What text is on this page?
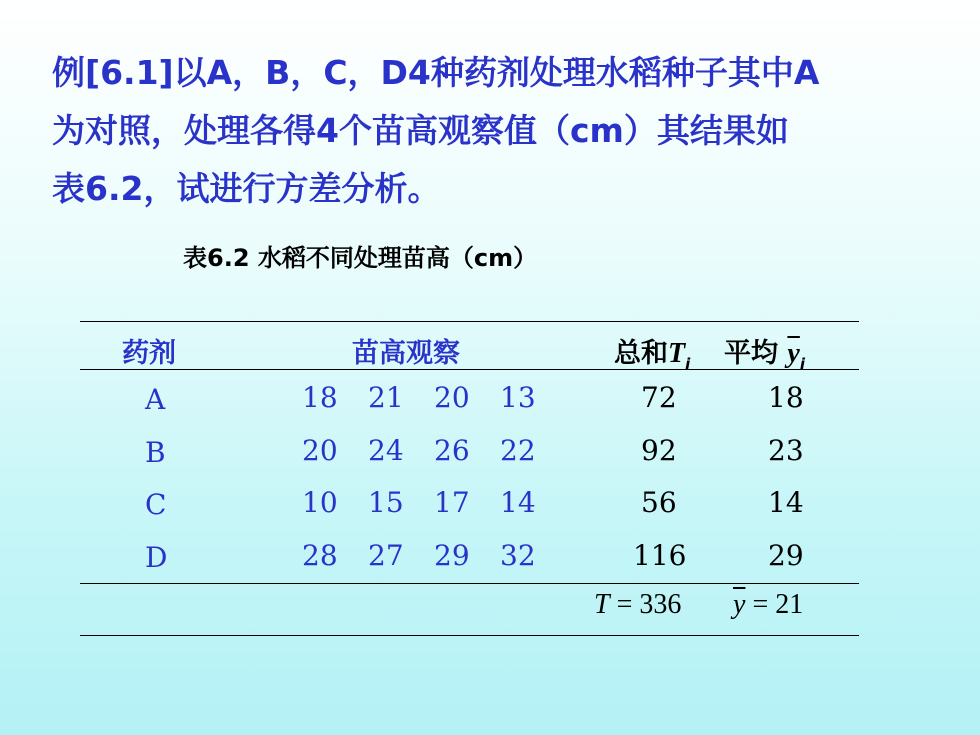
例[6.1]以A，B，C，D4种药剂处理水稻种子其中A
为对照，处理各得4个苗高观察值（cm）其结果如
表6.2，试进行方差分析。
表6.2 水稻不同处理苗高（cm）
药剂	苗高观察	总和$T_i$ 平均 $\overline{y}_i$
A	18 21 20 13	72	18
B	20 24 26 22	92	23
C	10 15 17 14	56	14
D	28 27 29 32	116	29
T = 336 $\overline{y} = 21$
